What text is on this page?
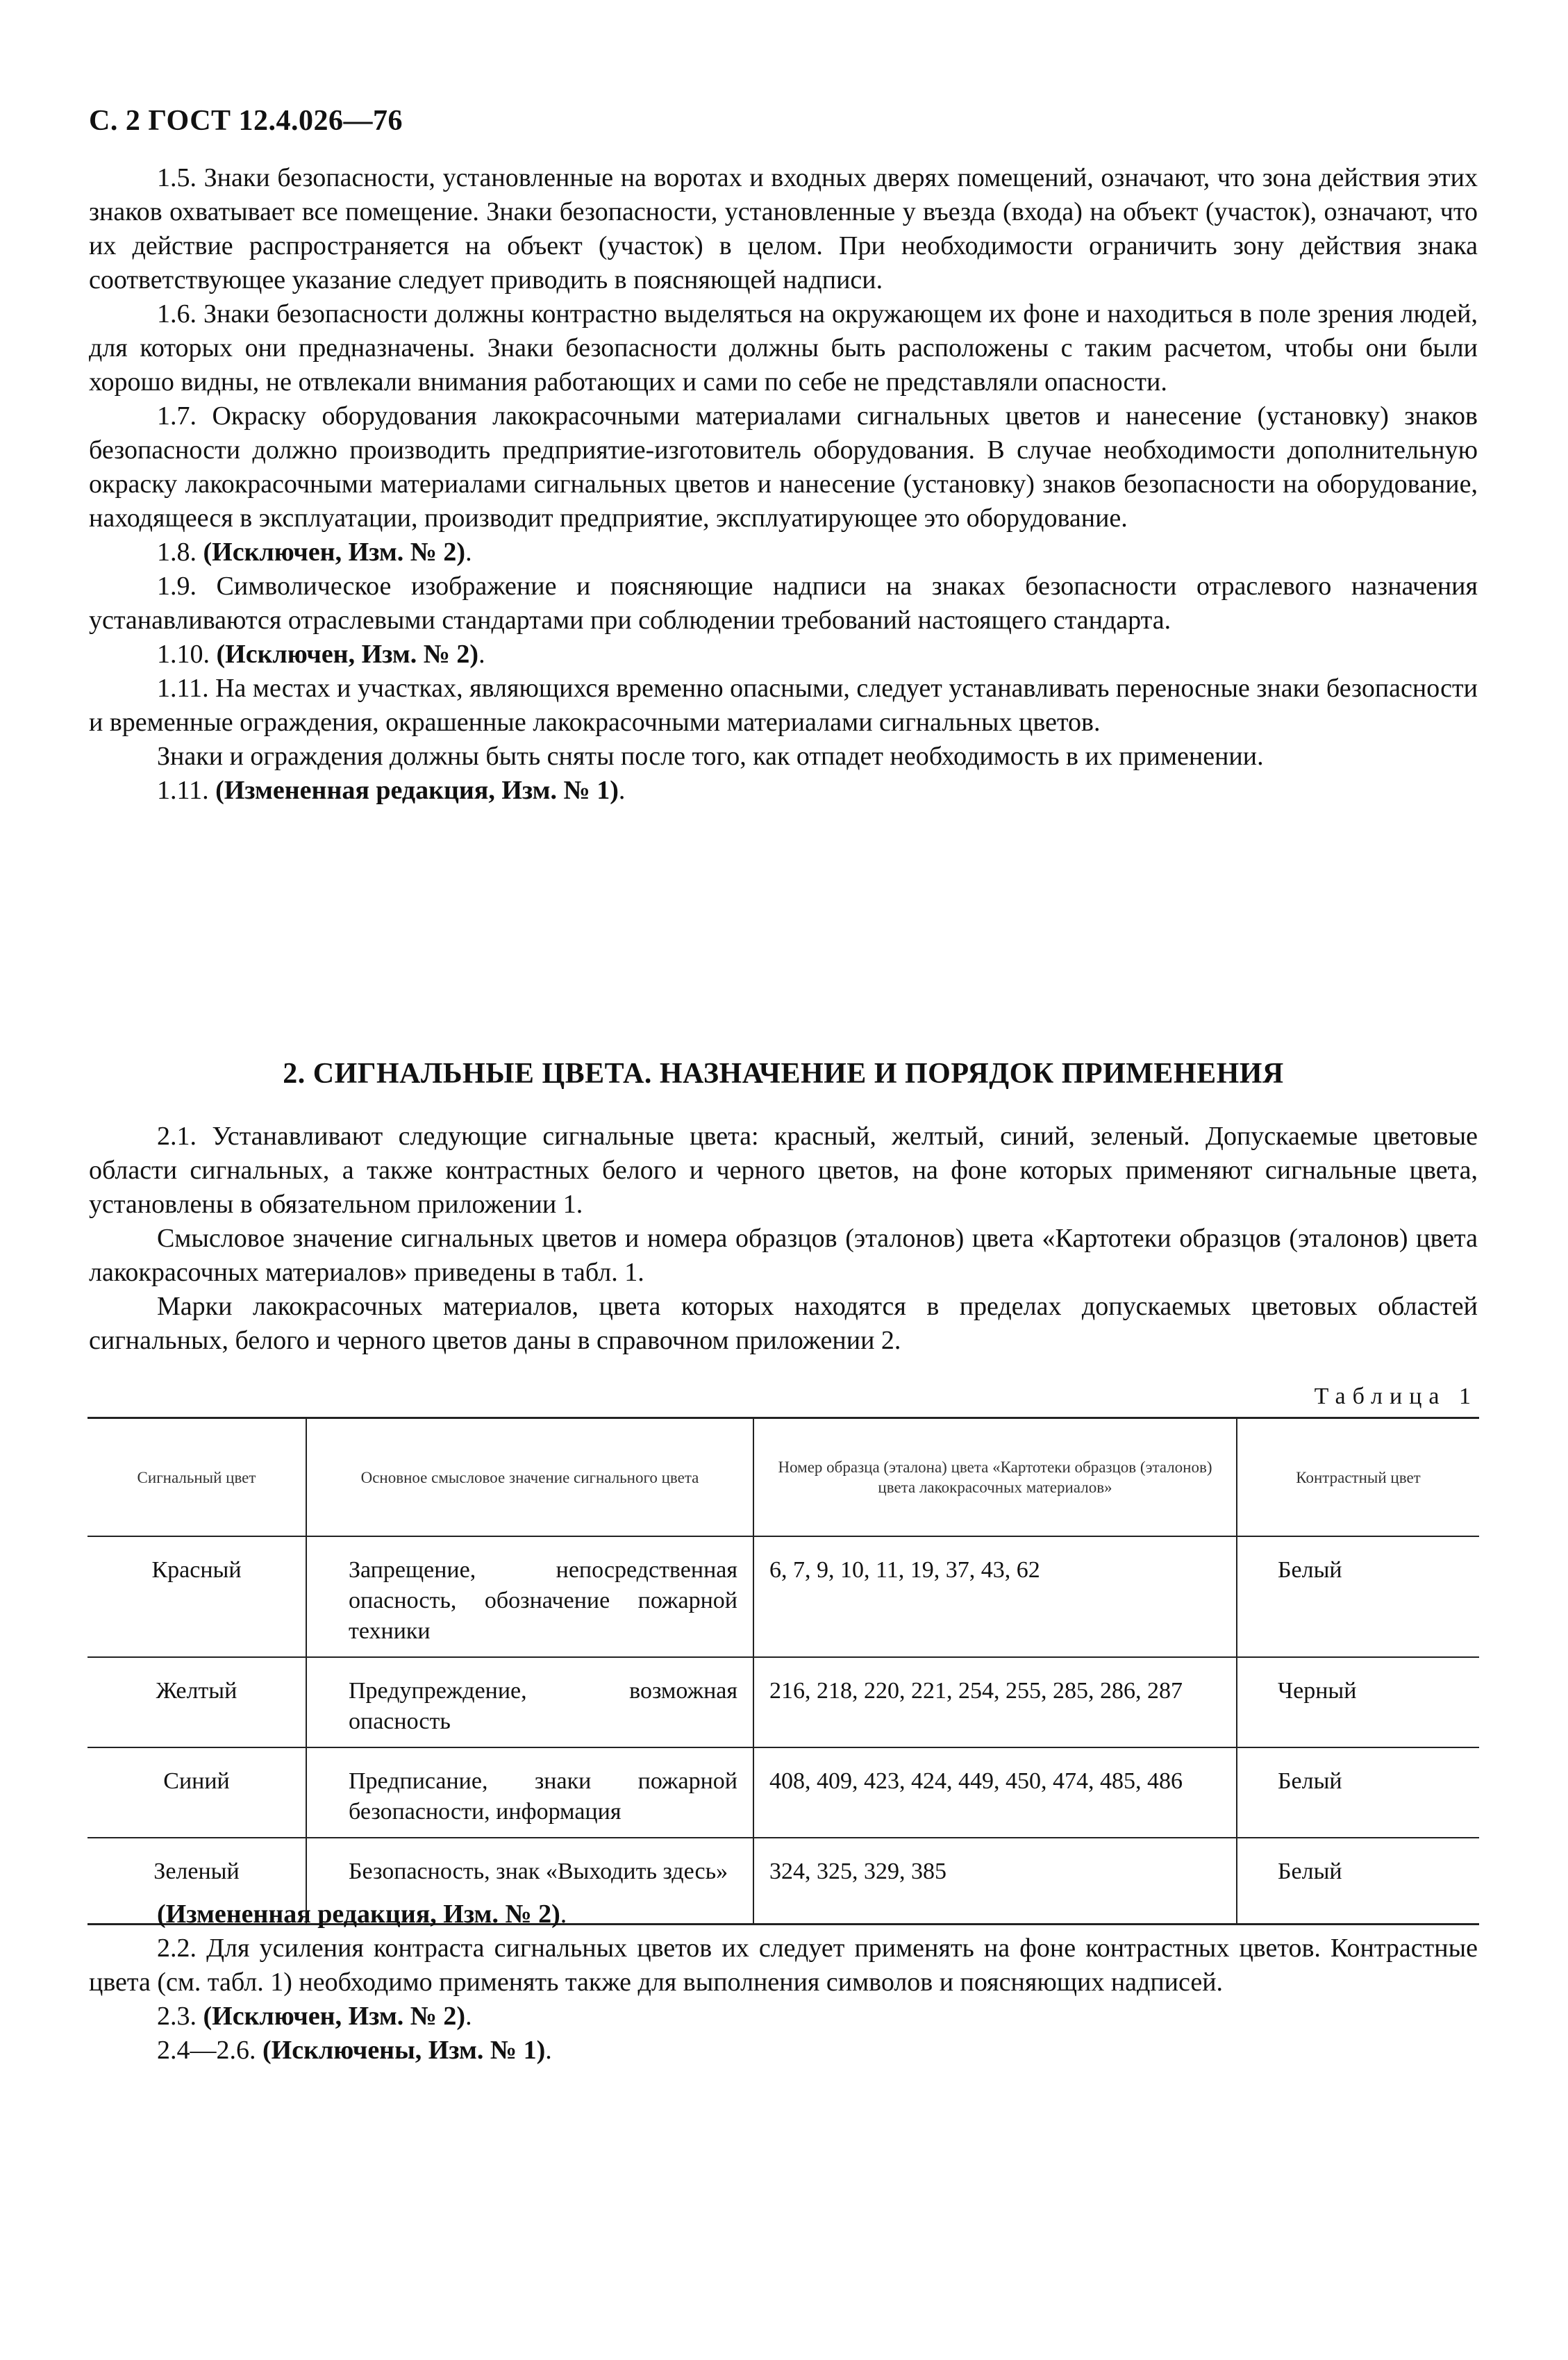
С. 2 ГОСТ 12.4.026—76

1.5. Знаки безопасности, установленные на воротах и входных дверях помещений, означают, что зона действия этих знаков охватывает все помещение. Знаки безопасности, установленные у въезда (входа) на объект (участок), означают, что их действие распространяется на объект (участок) в целом. При необходимости ограничить зону действия знака соответствующее указание следует приводить в поясняющей надписи.

1.6. Знаки безопасности должны контрастно выделяться на окружающем их фоне и находиться в поле зрения людей, для которых они предназначены. Знаки безопасности должны быть расположены с таким расчетом, чтобы они были хорошо видны, не отвлекали внимания работающих и сами по себе не представляли опасности.

1.7. Окраску оборудования лакокрасочными материалами сигнальных цветов и нанесение (установку) знаков безопасности должно производить предприятие-изготовитель оборудования. В случае необходимости дополнительную окраску лакокрасочными материалами сигнальных цветов и нанесение (установку) знаков безопасности на оборудование, находящееся в эксплуатации, производит предприятие, эксплуатирующее это оборудование.

1.8. (Исключен, Изм. № 2).

1.9. Символическое изображение и поясняющие надписи на знаках безопасности отраслевого назначения устанавливаются отраслевыми стандартами при соблюдении требований настоящего стандарта.

1.10. (Исключен, Изм. № 2).

1.11. На местах и участках, являющихся временно опасными, следует устанавливать переносные знаки безопасности и временные ограждения, окрашенные лакокрасочными материалами сигнальных цветов.

Знаки и ограждения должны быть сняты после того, как отпадет необходимость в их применении.

1.11. (Измененная редакция, Изм. № 1).

2. СИГНАЛЬНЫЕ ЦВЕТА. НАЗНАЧЕНИЕ И ПОРЯДОК ПРИМЕНЕНИЯ

2.1. Устанавливают следующие сигнальные цвета: красный, желтый, синий, зеленый. Допускаемые цветовые области сигнальных, а также контрастных белого и черного цветов, на фоне которых применяют сигнальные цвета, установлены в обязательном приложении 1.

Смысловое значение сигнальных цветов и номера образцов (эталонов) цвета «Картотеки образцов (эталонов) цвета лакокрасочных материалов» приведены в табл. 1.

Марки лакокрасочных материалов, цвета которых находятся в пределах допускаемых цветовых областей сигнальных, белого и черного цветов даны в справочном приложении 2.

Таблица 1
Сигнальный цвет	Основное смысловое значение сигнального цвета	Номер образца (эталона) цвета «Картотеки образцов (эталонов) цвета лакокрасочных материалов»	Контрастный цвет
Красный	Запрещение, непосредственная опасность, обозначение пожарной техники	6, 7, 9, 10, 11, 19, 37, 43, 62	Белый
Желтый	Предупреждение, возможная опасность	216, 218, 220, 221, 254, 255, 285, 286, 287	Черный
Синий	Предписание, знаки пожарной безопасности, информация	408, 409, 423, 424, 449, 450, 474, 485, 486	Белый
Зеленый	Безопасность, знак «Выходить здесь»	324, 325, 329, 385	Белый

(Измененная редакция, Изм. № 2).

2.2. Для усиления контраста сигнальных цветов их следует применять на фоне контрастных цветов. Контрастные цвета (см. табл. 1) необходимо применять также для выполнения символов и поясняющих надписей.

2.3. (Исключен, Изм. № 2).

2.4—2.6. (Исключены, Изм. № 1).
